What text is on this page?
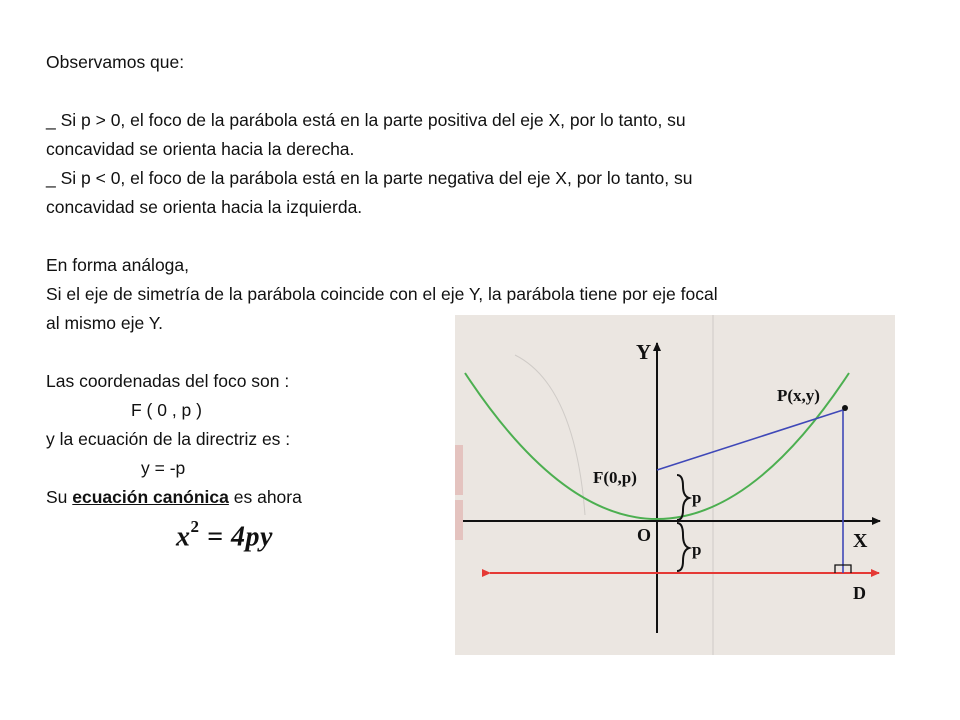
Observamos que:
_ Si p > 0, el foco de la parábola está en la parte positiva del eje X, por lo tanto, su
concavidad se orienta hacia la derecha.
_ Si p < 0, el foco de la parábola está en la parte negativa del eje X, por lo tanto, su
concavidad se orienta hacia la izquierda.
En forma análoga,
Si el eje de simetría de la parábola coincide con el eje Y, la parábola tiene por eje focal
al mismo eje Y.
Las coordenadas del foco son :
F ( 0 , p )
y la ecuación de la directriz es :
y = -p
Su ecuación canónica es ahora
$x^2 = 4py$
Y
X
P(x,y)
F(0,p)
O
p
p
D
